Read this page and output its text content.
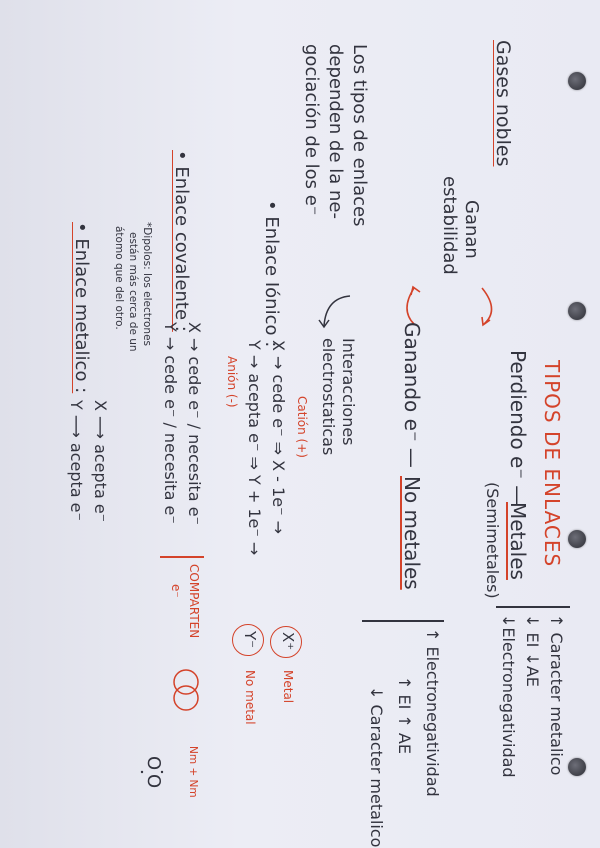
TIPOS DE ENLACES
Gases nobles
Ganan
estabilidad
Perdiendo e⁻ —
Metales
(Semimetales)
Ganando e⁻ —
No metales
↑ Caracter metalico
↓ EI ↓AE
↓Electronegatividad
↑ Electronegatividad
↑ EI ↑ AE
↓ Caracter metalico
Los tipos de enlaces
dependen de la ne-
gociación de los e⁻
Interacciones
electrostaticas
• Enlace Iónico :
Catión (+)
X → cede e⁻ ⇒ X - 1e⁻ →
Y → acepta e⁻ ⇒ Y + 1e⁻ →
Anión (-)
X⁺
Y⁻
Metal
No metal
• Enlace covalente :
X → cede e⁻ / necesita e⁻
Y → cede e⁻ / necesita e⁻
COMPARTEN
e⁻
Nm + Nm
*Dipolos: los electrones
están más cerca de un
átomo que del otro.
O
O
• Enlace metalico :
X ⟶ acepta e⁻
Y ⟶ acepta e⁻
